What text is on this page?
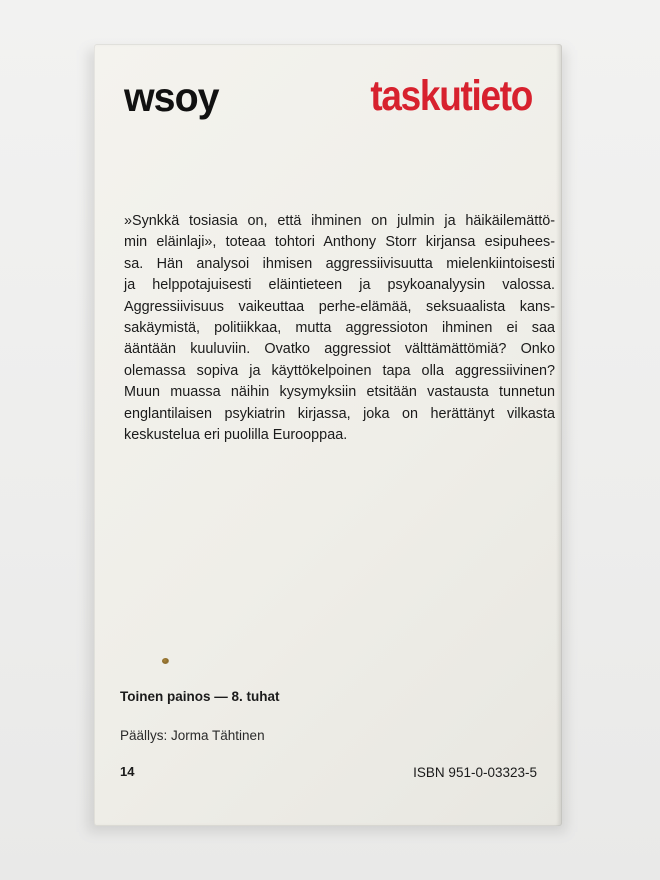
wsoy	taskutieto
»Synkkä tosiasia on, että ihminen on julmin ja häikäilemättö-
min eläinlaji», toteaa tohtori Anthony Storr kirjansa esipuhees-
sa. Hän analysoi ihmisen aggressiivisuutta mielenkiintoisesti
ja helppotajuisesti eläintieteen ja psykoanalyysin valossa.
Aggressiivisuus vaikeuttaa perhe-elämää, seksuaalista kans-
sakäymistä, politiikkaa, mutta aggressioton ihminen ei saa
ääntään kuuluviin. Ovatko aggressiot välttämättömiä? Onko
olemassa sopiva ja käyttökelpoinen tapa olla aggressiivinen?
Muun muassa näihin kysymyksiin etsitään vastausta tunnetun
englantilaisen psykiatrin kirjassa, joka on herättänyt vilkasta
keskustelua eri puolilla Eurooppaa.
Toinen painos — 8. tuhat
Päällys: Jorma Tähtinen
14	ISBN 951-0-03323-5
